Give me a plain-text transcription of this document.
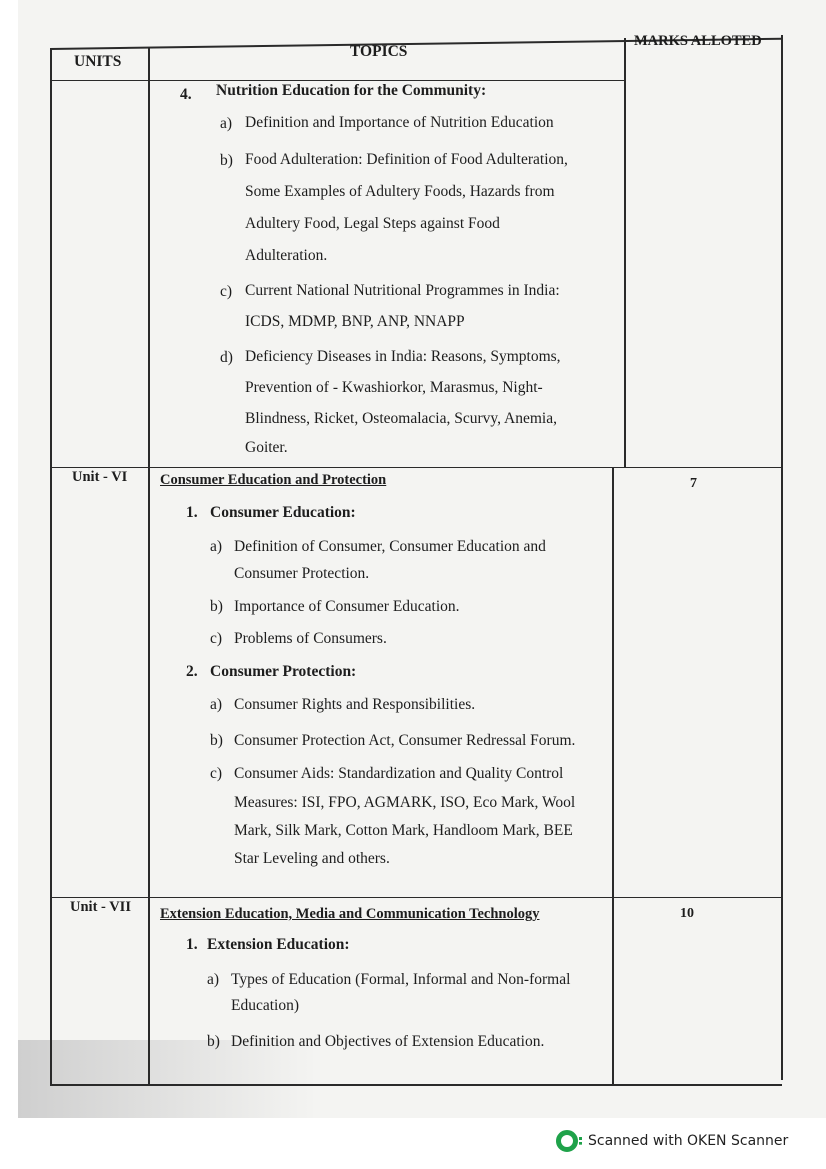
UNITS
TOPICS
MARKS ALLOTED
4. Nutrition Education for the Community:
a) Definition and Importance of Nutrition Education
b) Food Adulteration: Definition of Food Adulteration,
Some Examples of Adultery Foods, Hazards from
Adultery Food, Legal Steps against Food
Adulteration.
c) Current National Nutritional Programmes in India:
ICDS, MDMP, BNP, ANP, NNAPP
d) Deficiency Diseases in India: Reasons, Symptoms,
Prevention of - Kwashiorkor, Marasmus, Night-
Blindness, Ricket, Osteomalacia, Scurvy, Anemia,
Goiter.
Unit - VI Consumer Education and Protection	7
1. Consumer Education:
a) Definition of Consumer, Consumer Education and
Consumer Protection.
b) Importance of Consumer Education.
c) Problems of Consumers.
2. Consumer Protection:
a) Consumer Rights and Responsibilities.
b) Consumer Protection Act, Consumer Redressal Forum.
c) Consumer Aids: Standardization and Quality Control
Measures: ISI, FPO, AGMARK, ISO, Eco Mark, Wool
Mark, Silk Mark, Cotton Mark, Handloom Mark, BEE
Star Leveling and others.
Unit - VII Extension Education, Media and Communication Technology	10
1. Extension Education:
a) Types of Education (Formal, Informal and Non-formal
Education)
b) Definition and Objectives of Extension Education.
Scanned with OKEN Scanner
